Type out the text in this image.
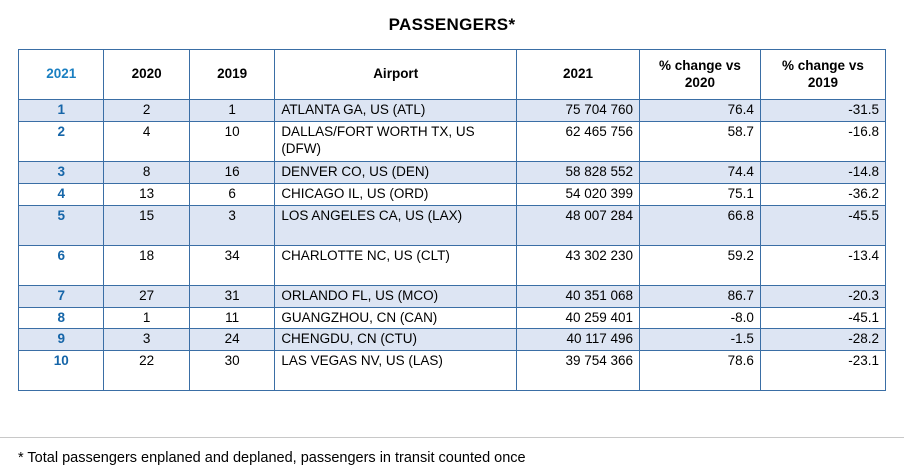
PASSENGERS*
2021	2020	2019	Airport	2021	% change vs 2020	% change vs 2019
1	2	1	ATLANTA GA, US (ATL)	75 704 760	76.4	-31.5
2	4	10	DALLAS/FORT WORTH TX, US (DFW)	62 465 756	58.7	-16.8
3	8	16	DENVER CO, US (DEN)	58 828 552	74.4	-14.8
4	13	6	CHICAGO IL, US (ORD)	54 020 399	75.1	-36.2
5	15	3	LOS ANGELES CA, US (LAX)	48 007 284	66.8	-45.5
6	18	34	CHARLOTTE NC, US (CLT)	43 302 230	59.2	-13.4
7	27	31	ORLANDO FL, US (MCO)	40 351 068	86.7	-20.3
8	1	11	GUANGZHOU, CN (CAN)	40 259 401	-8.0	-45.1
9	3	24	CHENGDU, CN (CTU)	40 117 496	-1.5	-28.2
10	22	30	LAS VEGAS NV, US (LAS)	39 754 366	78.6	-23.1
* Total passengers enplaned and deplaned, passengers in transit counted once
